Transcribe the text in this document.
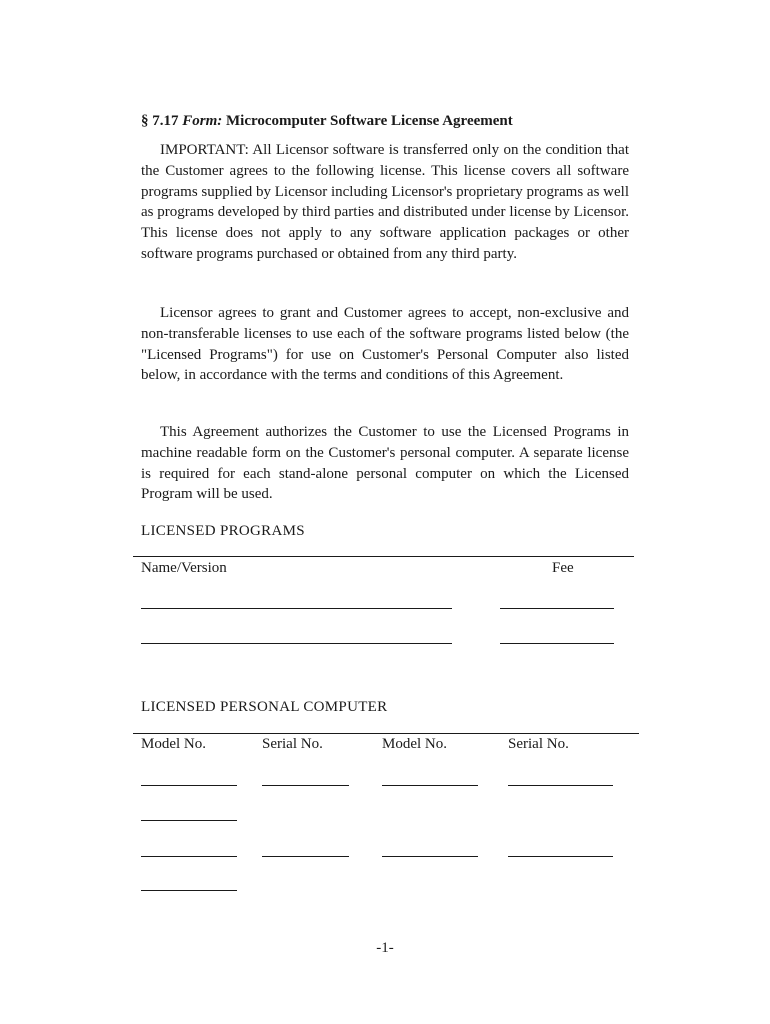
§ 7.17 Form: Microcomputer Software License Agreement

IMPORTANT: All Licensor software is transferred only on the condition that the Customer agrees to the following license. This license covers all software programs supplied by Licensor including Licensor's proprietary programs as well as programs developed by third parties and distributed under license by Licensor. This license does not apply to any software application packages or other software programs purchased or obtained from any third party.

Licensor agrees to grant and Customer agrees to accept, non-exclusive and non-transferable licenses to use each of the software programs listed below (the "Licensed Programs") for use on Customer's Personal Computer also listed below, in accordance with the terms and conditions of this Agreement.

This Agreement authorizes the Customer to use the Licensed Programs in machine readable form on the Customer's personal computer. A separate license is required for each stand-alone personal computer on which the Licensed Program will be used.

LICENSED PROGRAMS
Name/Version	Fee
LICENSED PERSONAL COMPUTER
Model No.	Serial No.	Model No.	Serial No.
-1-
